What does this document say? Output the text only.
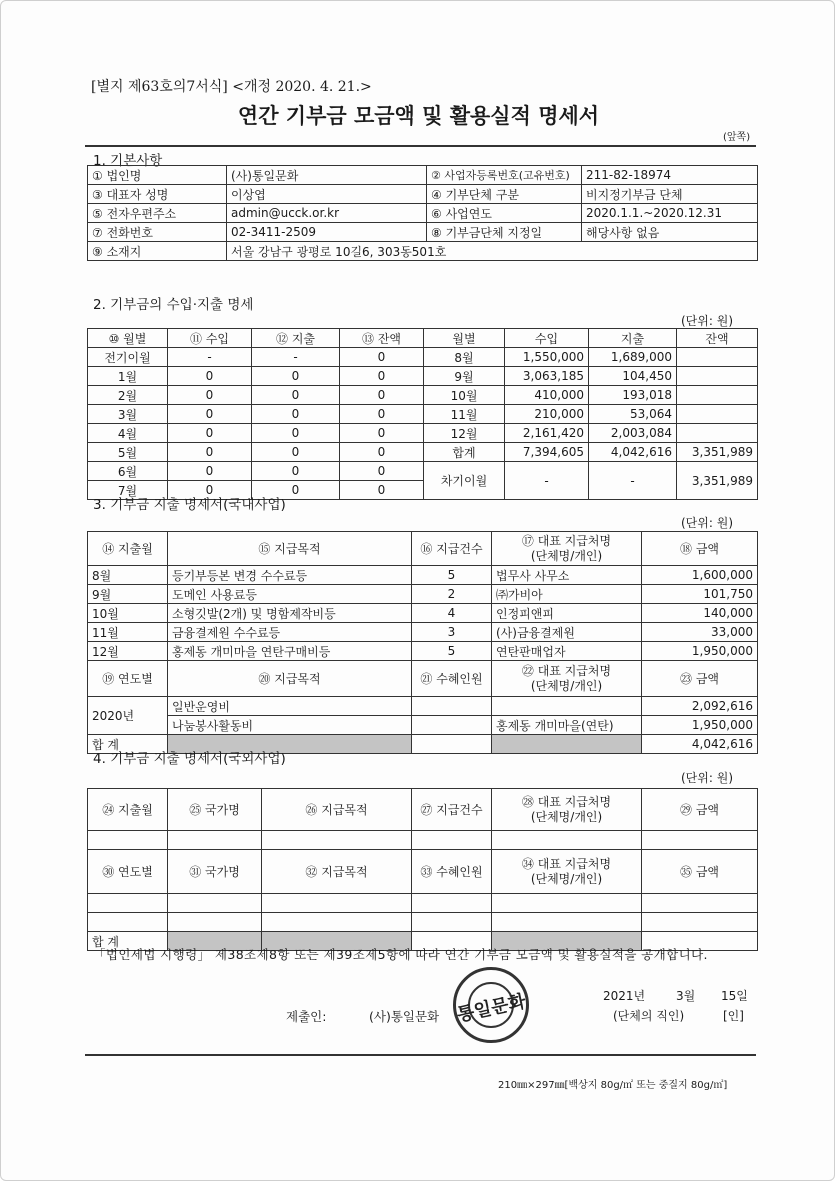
[별지 제63호의7서식] <개정 2020. 4. 21.>
연간 기부금 모금액 및 활용실적 명세서
(앞쪽)
1. 기본사항
① 법인명	(사)통일문화	② 사업자등록번호(고유번호)	211-82-18974
③ 대표자 성명	이상엽	④ 기부단체 구분	비지정기부금 단체
⑤ 전자우편주소	admin@ucck.or.kr	⑥ 사업연도	2020.1.1.~2020.12.31
⑦ 전화번호	02-3411-2509	⑧ 기부금단체 지정일	해당사항 없음
⑨ 소재지	서울 강남구 광평로 10길6, 303동501호		
2. 기부금의 수입·지출 명세
(단위: 원)
⑩ 월별	⑪ 수입	⑫ 지출	⑬ 잔액	월별	수입	지출	잔액
전기이월	-	-	0	8월	1,550,000	1,689,000	
1월	0	0	0	9월	3,063,185	104,450	
2월	0	0	0	10월	410,000	193,018	
3월	0	0	0	11월	210,000	53,064	
4월	0	0	0	12월	2,161,420	2,003,084	
5월	0	0	0	합계	7,394,605	4,042,616	3,351,989
6월	0	0	0	차기이월	-	-	3,351,989
7월	0	0	0				
3. 기부금 지출 명세서(국내사업)
(단위: 원)
⑭ 지출월	⑮ 지급목적	⑯ 지급건수	⑰ 대표 지급처명
(단체명/개인)	⑱ 금액
8월	등기부등본 변경 수수료등	5	법무사 사무소	1,600,000
9월	도메인 사용료등	2	㈜가비아	101,750
10월	소형깃발(2개) 및 명함제작비등	4	인정피앤피	140,000
11월	금융결제원 수수료등	3	(사)금융결제원	33,000
12월	홍제동 개미마을 연탄구매비등	5	연탄판매업자	1,950,000
⑲ 연도별	⑳ 지급목적	㉑ 수혜인원	㉒ 대표 지급처명
(단체명/개인)	㉓ 금액
2020년	일반운영비			2,092,616
	나눔봉사활동비		홍제동 개미마을(연탄)	1,950,000
합 계				4,042,616
4. 기부금 지출 명세서(국외사업)
(단위: 원)
㉔ 지출월	㉕ 국가명	㉖ 지급목적	㉗ 지급건수	㉘ 대표 지급처명
(단체명/개인)	㉙ 금액

㉚ 연도별	㉛ 국가명	㉜ 지급목적	㉝ 수혜인원	㉞ 대표 지급처명
(단체명/개인)	㉟ 금액

합 계					
「법인세법 시행령」 제38조제8항 또는 제39조제5항에 따라 연간 기부금 모금액 및 활용실적을 공개합니다.
2021년	3월 15일
제출인:	(사)통일문화	(단체의 직인)	[인]
통일문화
210㎜×297㎜[백상지 80g/㎡ 또는 중질지 80g/㎡]
